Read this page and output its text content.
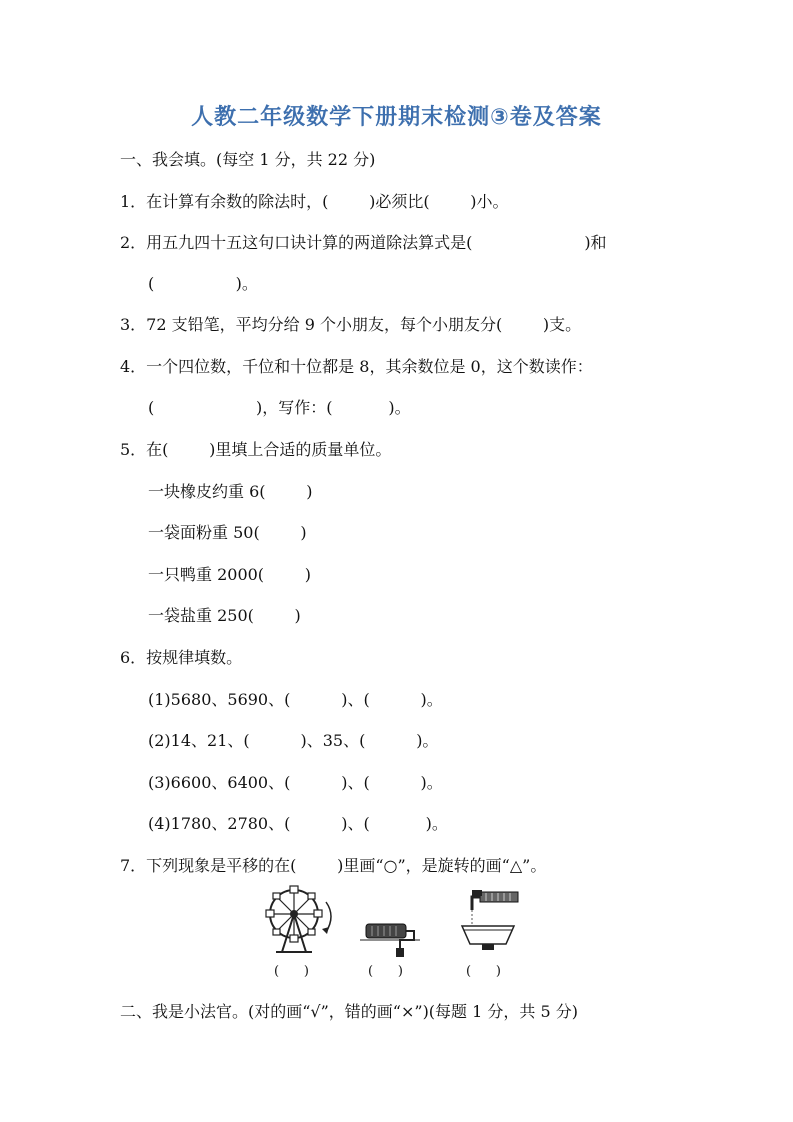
人教二年级数学下册期末检测③卷及答案
一、我会填。(每空 1 分，共 22 分)
1．在计算有余数的除法时，(        )必须比(        )小。
2．用五九四十五这句口诀计算的两道除法算式是(                      )和
(                )。
3．72 支铅笔，平均分给 9 个小朋友，每个小朋友分(        )支。
4．一个四位数，千位和十位都是 8，其余数位是 0，这个数读作：
(                    )，写作：(           )。
5．在(        )里填上合适的质量单位。
一块橡皮约重 6(        )
一袋面粉重 50(        )
一只鸭重 2000(        )
一袋盐重 250(        )
6．按规律填数。
(1)5680、5690、(          )、(          )。
(2)14、21、(          )、35、(          )。
(3)6600、6400、(          )、(          )。
(4)1780、2780、(          )、(           )。
7．下列现象是平移的在(        )里画“○”，是旋转的画“△”。
(      )	(      )	(      )
二、我是小法官。(对的画“√”，错的画“×”)(每题 1 分，共 5 分)
